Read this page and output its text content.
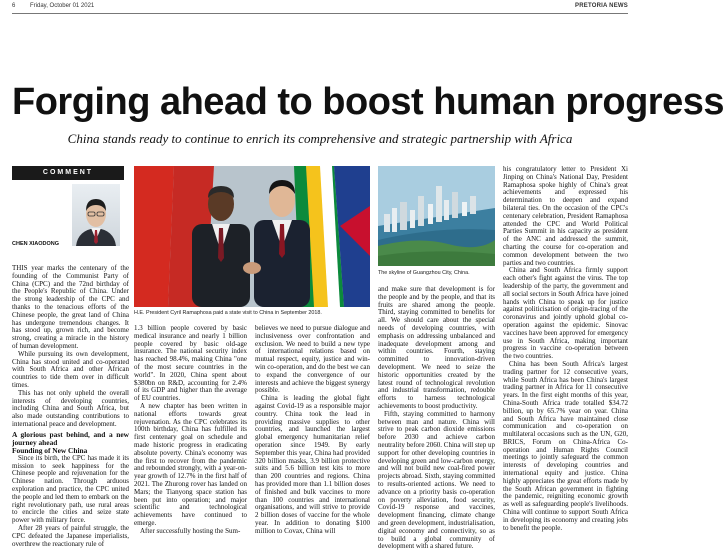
6 Friday, October 01 2021	PRETORIA NEWS
Forging ahead to boost human progress
China stands ready to continue to enrich its comprehensive and strategic partnership with Africa
COMMENT
CHEN XIAODONG

THIS year marks the centenary of the founding of the Communist Party of China (CPC) and the 72nd birthday of the People's Republic of China. Under the strong leadership of the CPC and thanks to the tenacious efforts of the Chinese people, the great land of China has undergone tremendous changes. It has stood up, grown rich, and become strong, creating a miracle in the history of human development.

While pursuing its own development, China has stood united and co-operated with South Africa and other African countries to tide them over in difficult times.

This has not only upheld the overall interests of developing countries, including China and South Africa, but also made outstanding contributions to international peace and development.

A glorious past behind, and a new journey ahead
Founding of New China

Since its birth, the CPC has made it its mission to seek happiness for the Chinese people and rejuvenation for the Chinese nation. Through arduous exploration and practice, the CPC united the people and led them to embark on the right revolutionary path, use rural areas to encircle the cities and seize state power with military force.

After 28 years of painful struggle, the CPC defeated the Japanese imperialists, overthrew the reactionary rule of

H.E. President Cyril Ramaphosa paid a state visit to China in September 2018.
The skyline of Guangzhou City, China.

1.3 billion people covered by basic medical insurance and nearly 1 billion people covered by basic old-age insurance. The national security index has reached 98.4%, making China "one of the most secure countries in the world". In 2020, China spent about $380bn on R&D, accounting for 2.4% of its GDP and higher than the average of EU countries.

A new chapter has been written in national efforts towards great rejuvenation. As the CPC celebrates its 100th birthday, China has fulfilled its first centenary goal on schedule and made historic progress in eradicating absolute poverty. China's economy was the first to recover from the pandemic and rebounded strongly, with a year-on-year growth of 12.7% in the first half of 2021. The Zhurong rover has landed on Mars; the Tianyong space station has been put into operation; and major scientific and technological achievements have continued to emerge.

After successfully hosting the Sum-

believes we need to pursue dialogue and inclusiveness over confrontation and exclusion. We need to build a new type of international relations based on mutual respect, equity, justice and win-win co-operation, and do the best we can to expand the convergence of our interests and achieve the biggest synergy possible.

China is leading the global fight against Covid-19 as a responsible major country. China took the lead in providing massive supplies to other countries, and launched the largest global emergency humanitarian relief operation since 1949. By early September this year, China had provided 320 billion masks, 3.9 billion protective suits and 5.6 billion test kits to more than 200 countries and regions. China has provided more than 1.1 billion doses of finished and bulk vaccines to more than 100 countries and international organisations, and will strive to provide 2 billion doses of vaccine for the whole year. In addition to donating $100 million to Covax, China will

and make sure that development is for the people and by the people, and that its fruits are shared among the people. Third, staying committed to benefits for all. We should care about the special needs of developing countries, with emphasis on addressing unbalanced and inadequate development among and within countries. Fourth, staying committed to innovation-driven development. We need to seize the historic opportunities created by the latest round of technological revolution and industrial transformation, redouble efforts to harness technological achievements to boost productivity.

Fifth, staying committed to harmony between man and nature. China will strive to peak carbon dioxide emissions before 2030 and achieve carbon neutrality before 2060. China will step up support for other developing countries in developing green and low-carbon energy, and will not build new coal-fired power projects abroad. Sixth, staying committed to results-oriented actions. We need to advance on a priority basis co-operation on poverty alleviation, food security, Covid-19 response and vaccines, development financing, climate change and green development, industrialisation, digital economy and connectivity, so as to build a global community of development with a shared future.

his congratulatory letter to President Xi Jinping on China's National Day, President Ramaphosa spoke highly of China's great achievements and expressed his determination to deepen and expand bilateral ties. On the occasion of the CPC's centenary celebration, President Ramaphosa attended the CPC and World Political Parties Summit in his capacity as president of the ANC and addressed the summit, charting the course for co-operation and common development between the two parties and two countries.

China and South Africa firmly support each other's fight against the virus. The top leadership of the party, the government and all social sectors in South Africa have joined hands with China to speak up for justice against politicisation of origin-tracing of the coronavirus and jointly uphold global co-operation against the epidemic. Sinovac vaccines have been approved for emergency use in South Africa, making important progress in vaccine co-operation between the two countries.

China has been South Africa's largest trading partner for 12 consecutive years, while South Africa has been China's largest trading partner in Africa for 11 consecutive years. In the first eight months of this year, China-South Africa trade totalled $34.72 billion, up by 65.7% year on year. China and South Africa have maintained close communication and co-operation on multilateral occasions such as the UN, G20, BRICS, Forum on China-Africa Co-operation and Human Rights Council meetings to jointly safeguard the common interests of developing countries and international equity and justice. China highly appreciates the great efforts made by the South African government in fighting the pandemic, reigniting economic growth as well as safeguarding people's livelihoods. China will continue to support South Africa in developing its economy and creating jobs to benefit the people.
